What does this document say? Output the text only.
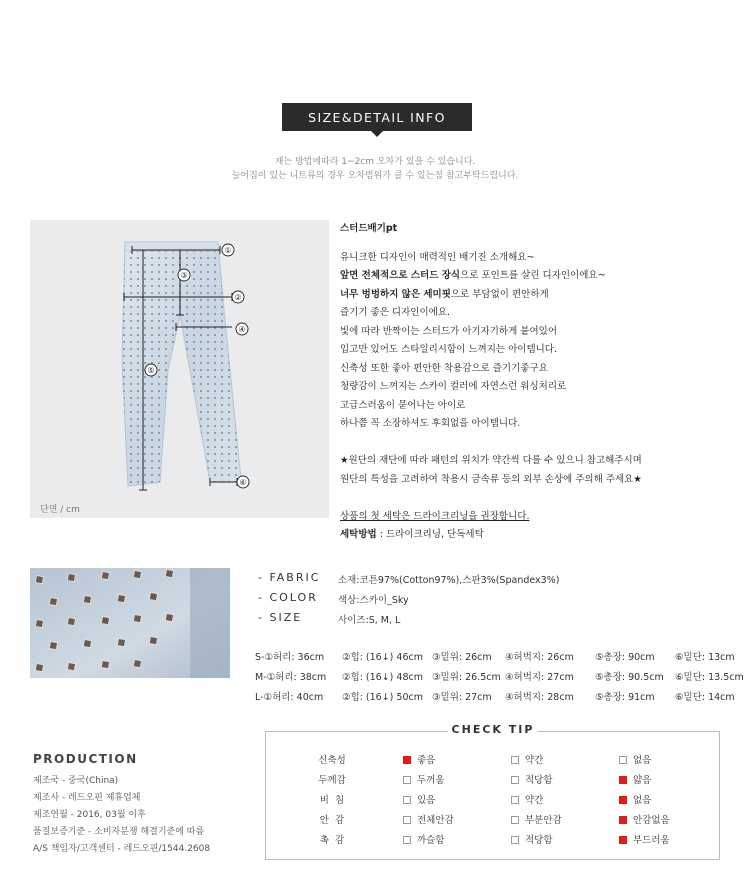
SIZE&DETAIL INFO
재는 방법에따라 1~2cm 오차가 있을 수 있습니다.
늘어짐이 있는 니트류의 경우 오차범위가 클 수 있는점 참고부탁드립니다.
①
②
③
④
⑤
⑥
단면 / cm
스터드배기pt
유니크한 디자인이 매력적인 배기진 소개해요~
앞면 전체적으로 스터드 장식으로 포인트를 살린 디자인이에요~
너무 벙벙하지 않은 세미핏으로 부담없이 편안하게
즐기기 좋은 디자인이에요.
빛에 따라 반짝이는 스터드가 아기자기하게 붙여있어
입고만 있어도 스타일리시함이 느껴지는 아이템니다.
신축성 또한 좋아 편안한 착용감으로 즐기기좋구요
청량감이 느껴지는 스카이 컬러에 자연스런 워싱처리로
고급스러움이 묻어나는 아이로
하나쯤 꼭 소장하셔도 후회없을 아이템니다.
★원단의 재단에 따라 패턴의 위치가 약간씩 다를 수 있으니 참고해주시며
원단의 특성을 고려하여 착용시 금속류 등의 외부 손상에 주의해 주세요★
상품의 첫 세탁은 드라이크리닝을 권장합니다.
세탁방법 : 드라이크리닝, 단독세탁
- FABRIC 소재:코튼97%(Cotton97%),스판3%(Spandex3%)
- COLOR 색상:스카이_Sky
- SIZE	사이즈:S, M, L
S-①허리: 36cm ②힙: (16↓) 46cm ③밑위: 26cm ④허벅지: 26cm ⑤총장: 90cm ⑥밑단: 13cm
M-①허리: 38cm ②힙: (16↓) 48cm ③밑위: 26.5cm ④허벅지: 27cm ⑤총장: 90.5cm ⑥밑단: 13.5cm
L-①허리: 40cm ②힙: (16↓) 50cm ③밑위: 27cm ④허벅지: 28cm ⑤총장: 91cm ⑥밑단: 14cm
PRODUCTION
제조국 - 중국(China)
제조사 - 레드오핀 제휴업체
제조연월 - 2016, 03월 이후
품질보증기준 - 소비자분쟁 해결기준에 따름
A/S 책임자/고객센터 - 레드오핀/1544.2608
CHECK TIP
신축성	좋음	약간	없음
두께감	두꺼움	적당함	얇음
비  침	있음	약간	없음
안  감	전체안감	부분안감	안감없음
촉  감	까슬함	적당함	부드러움
